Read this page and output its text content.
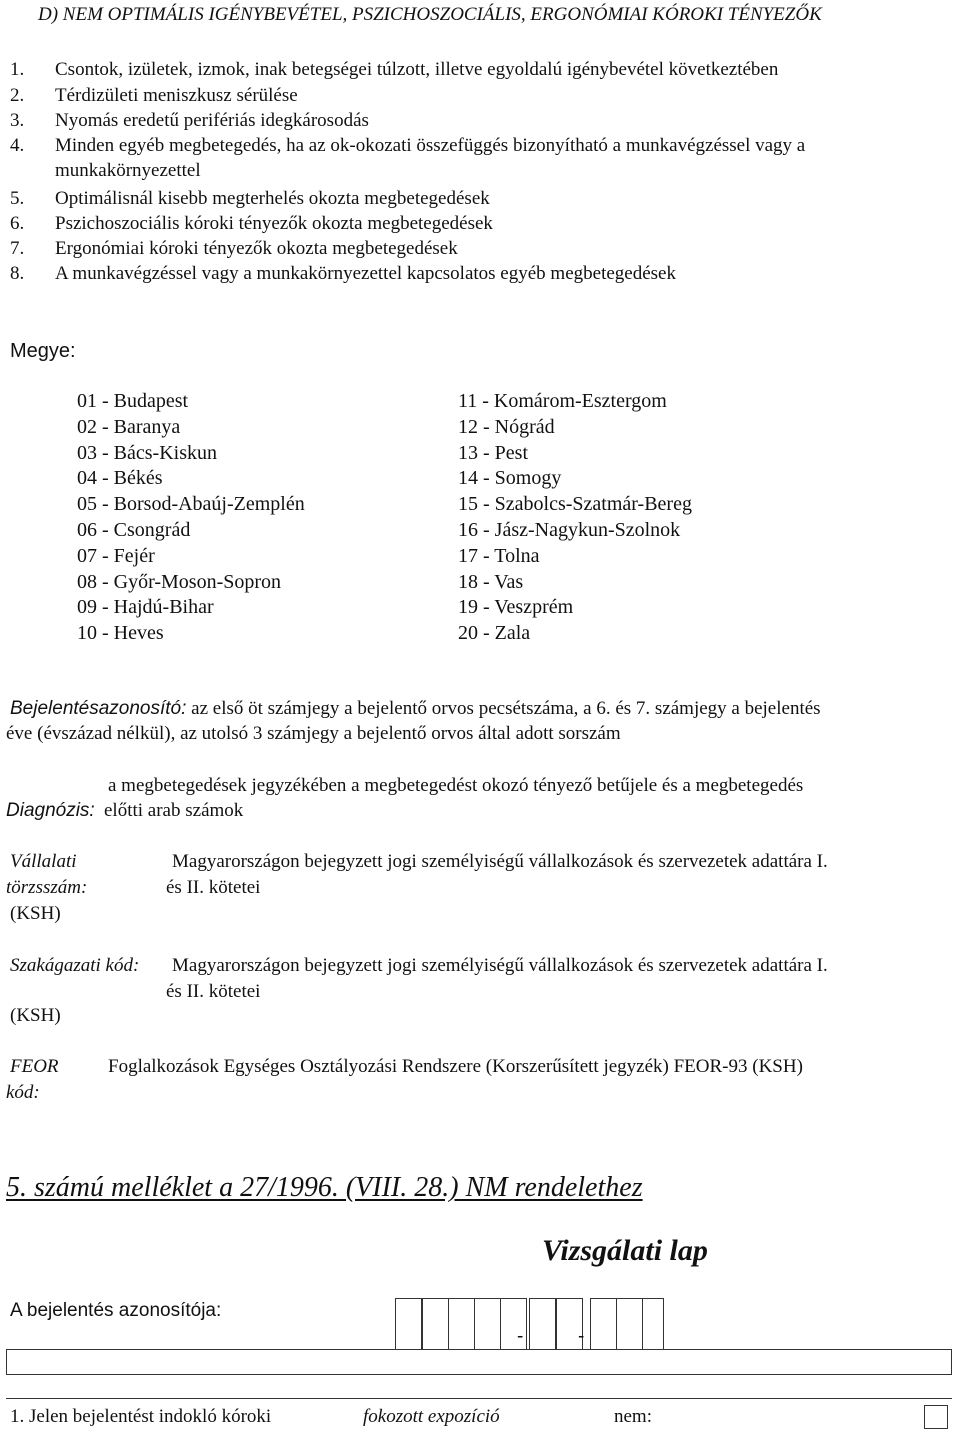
D) NEM OPTIMÁLIS IGÉNYBEVÉTEL, PSZICHOSZOCIÁLIS, ERGONÓMIAI KÓROKI TÉNYEZŐK
1. Csontok, izületek, izmok, inak betegségei túlzott, illetve egyoldalú igénybevétel következtében
2. Térdizületi meniszkusz sérülése
3. Nyomás eredetű perifériás idegkárosodás
4. Minden egyéb megbetegedés, ha az ok-okozati összefüggés bizonyítható a munkavégzéssel vagy a
munkakörnyezettel
5. Optimálisnál kisebb megterhelés okozta megbetegedések
6. Pszichoszociális kóroki tényezők okozta megbetegedések
7. Ergonómiai kóroki tényezők okozta megbetegedések
8. A munkavégzéssel vagy a munkakörnyezettel kapcsolatos egyéb megbetegedések
Megye:
01 - Budapest
02 - Baranya
03 - Bács-Kiskun
04 - Békés
05 - Borsod-Abaúj-Zemplén
06 - Csongrád
07 - Fejér
08 - Győr-Moson-Sopron
09 - Hajdú-Bihar
10 - Heves
11 - Komárom-Esztergom
12 - Nógrád
13 - Pest
14 - Somogy
15 - Szabolcs-Szatmár-Bereg
16 - Jász-Nagykun-Szolnok
17 - Tolna
18 - Vas
19 - Veszprém
20 - Zala
Bejelentésazonosító: az első öt számjegy a bejelentő orvos pecsétszáma, a 6. és 7. számjegy a bejelentés
éve (évszázad nélkül), az utolsó 3 számjegy a bejelentő orvos által adott sorszám
a megbetegedések jegyzékében a megbetegedést okozó tényező betűjele és a megbetegedés
Diagnózis: előtti arab számok
Vállalati
törzsszám:
(KSH)
Magyarországon bejegyzett jogi személyiségű vállalkozások és szervezetek adattára I.
és II. kötetei
Szakágazati kód:
(KSH)
Magyarországon bejegyzett jogi személyiségű vállalkozások és szervezetek adattára I.
és II. kötetei
FEOR
kód:
Foglalkozások Egységes Osztályozási Rendszere (Korszerűsített jegyzék) FEOR-93 (KSH)
5. számú melléklet a 27/1996. (VIII. 28.) NM rendelethez
Vizsgálati lap
A bejelentés azonosítója:
-	-
1. Jelen bejelentést indokló kóroki	fokozott expozíció	nem:
